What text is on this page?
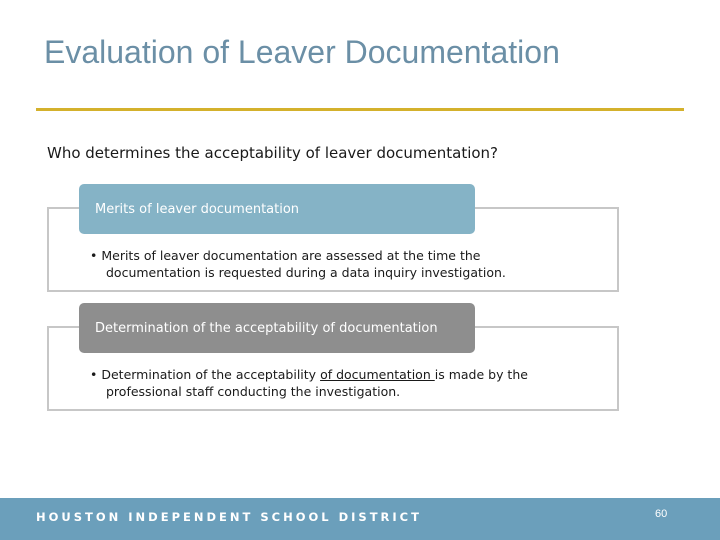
Evaluation of Leaver Documentation
Who determines the acceptability of leaver documentation?
Merits of leaver documentation
• Merits of leaver documentation are assessed at the time the
documentation is requested during a data inquiry investigation.
Determination of the acceptability of documentation
• Determination of the acceptability of documentation is made by the
professional staff conducting the investigation.
HOUSTON INDEPENDENT SCHOOL DISTRICT	60
